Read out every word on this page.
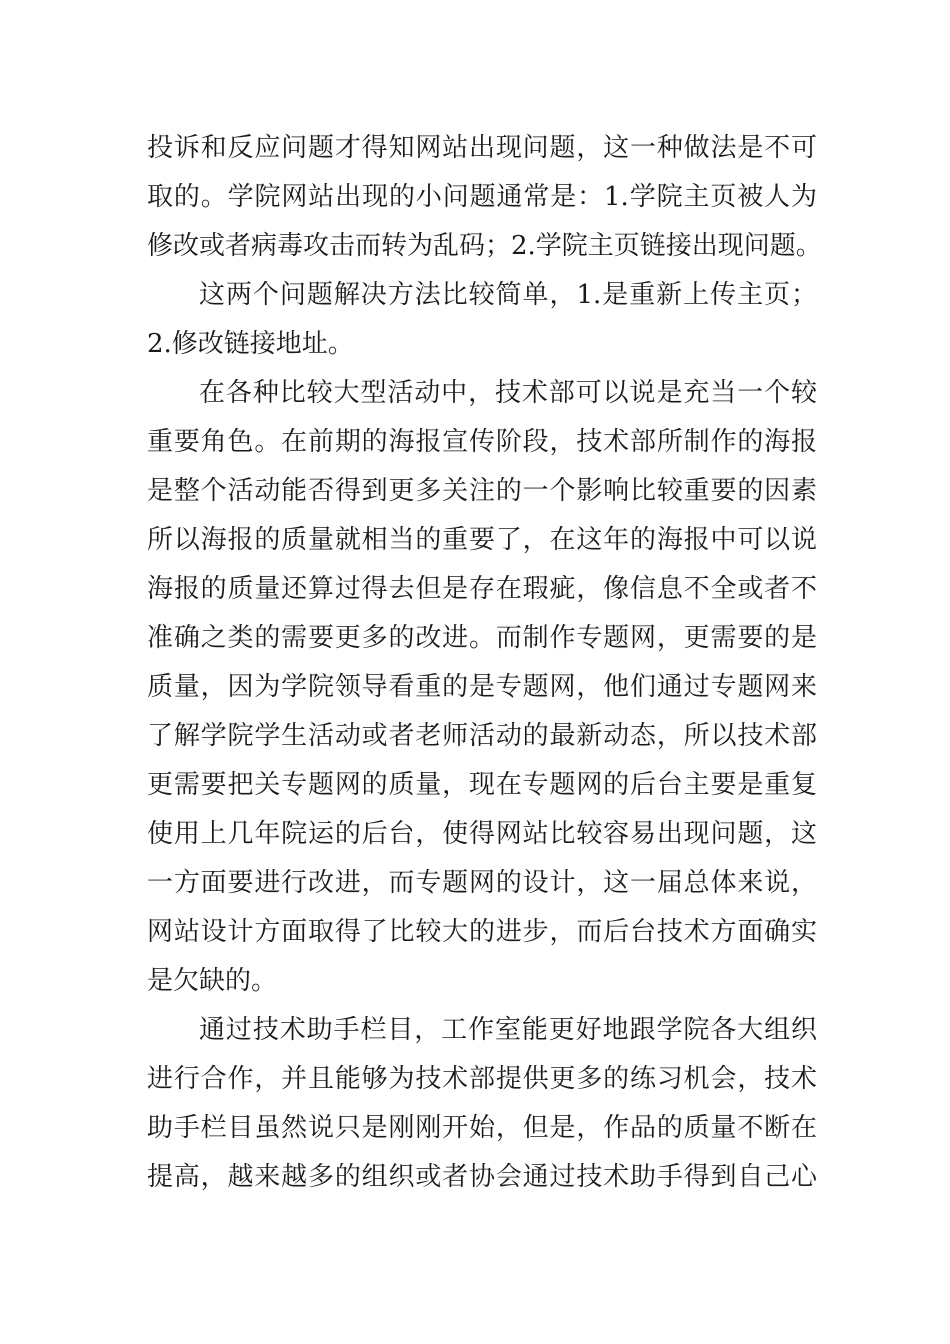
投诉和反应问题才得知网站出现问题，这一种做法是不可
取的。学院网站出现的小问题通常是：1.学院主页被人为
修改或者病毒攻击而转为乱码；2.学院主页链接出现问题。
这两个问题解决方法比较简单，1.是重新上传主页；
2.修改链接地址。
在各种比较大型活动中，技术部可以说是充当一个较
重要角色。在前期的海报宣传阶段，技术部所制作的海报
是整个活动能否得到更多关注的一个影响比较重要的因素
所以海报的质量就相当的重要了，在这年的海报中可以说
海报的质量还算过得去但是存在瑕疵，像信息不全或者不
准确之类的需要更多的改进。而制作专题网，更需要的是
质量，因为学院领导看重的是专题网，他们通过专题网来
了解学院学生活动或者老师活动的最新动态，所以技术部
更需要把关专题网的质量，现在专题网的后台主要是重复
使用上几年院运的后台，使得网站比较容易出现问题，这
一方面要进行改进，而专题网的设计，这一届总体来说，
网站设计方面取得了比较大的进步，而后台技术方面确实
是欠缺的。
通过技术助手栏目，工作室能更好地跟学院各大组织
进行合作，并且能够为技术部提供更多的练习机会，技术
助手栏目虽然说只是刚刚开始，但是，作品的质量不断在
提高，越来越多的组织或者协会通过技术助手得到自己心
